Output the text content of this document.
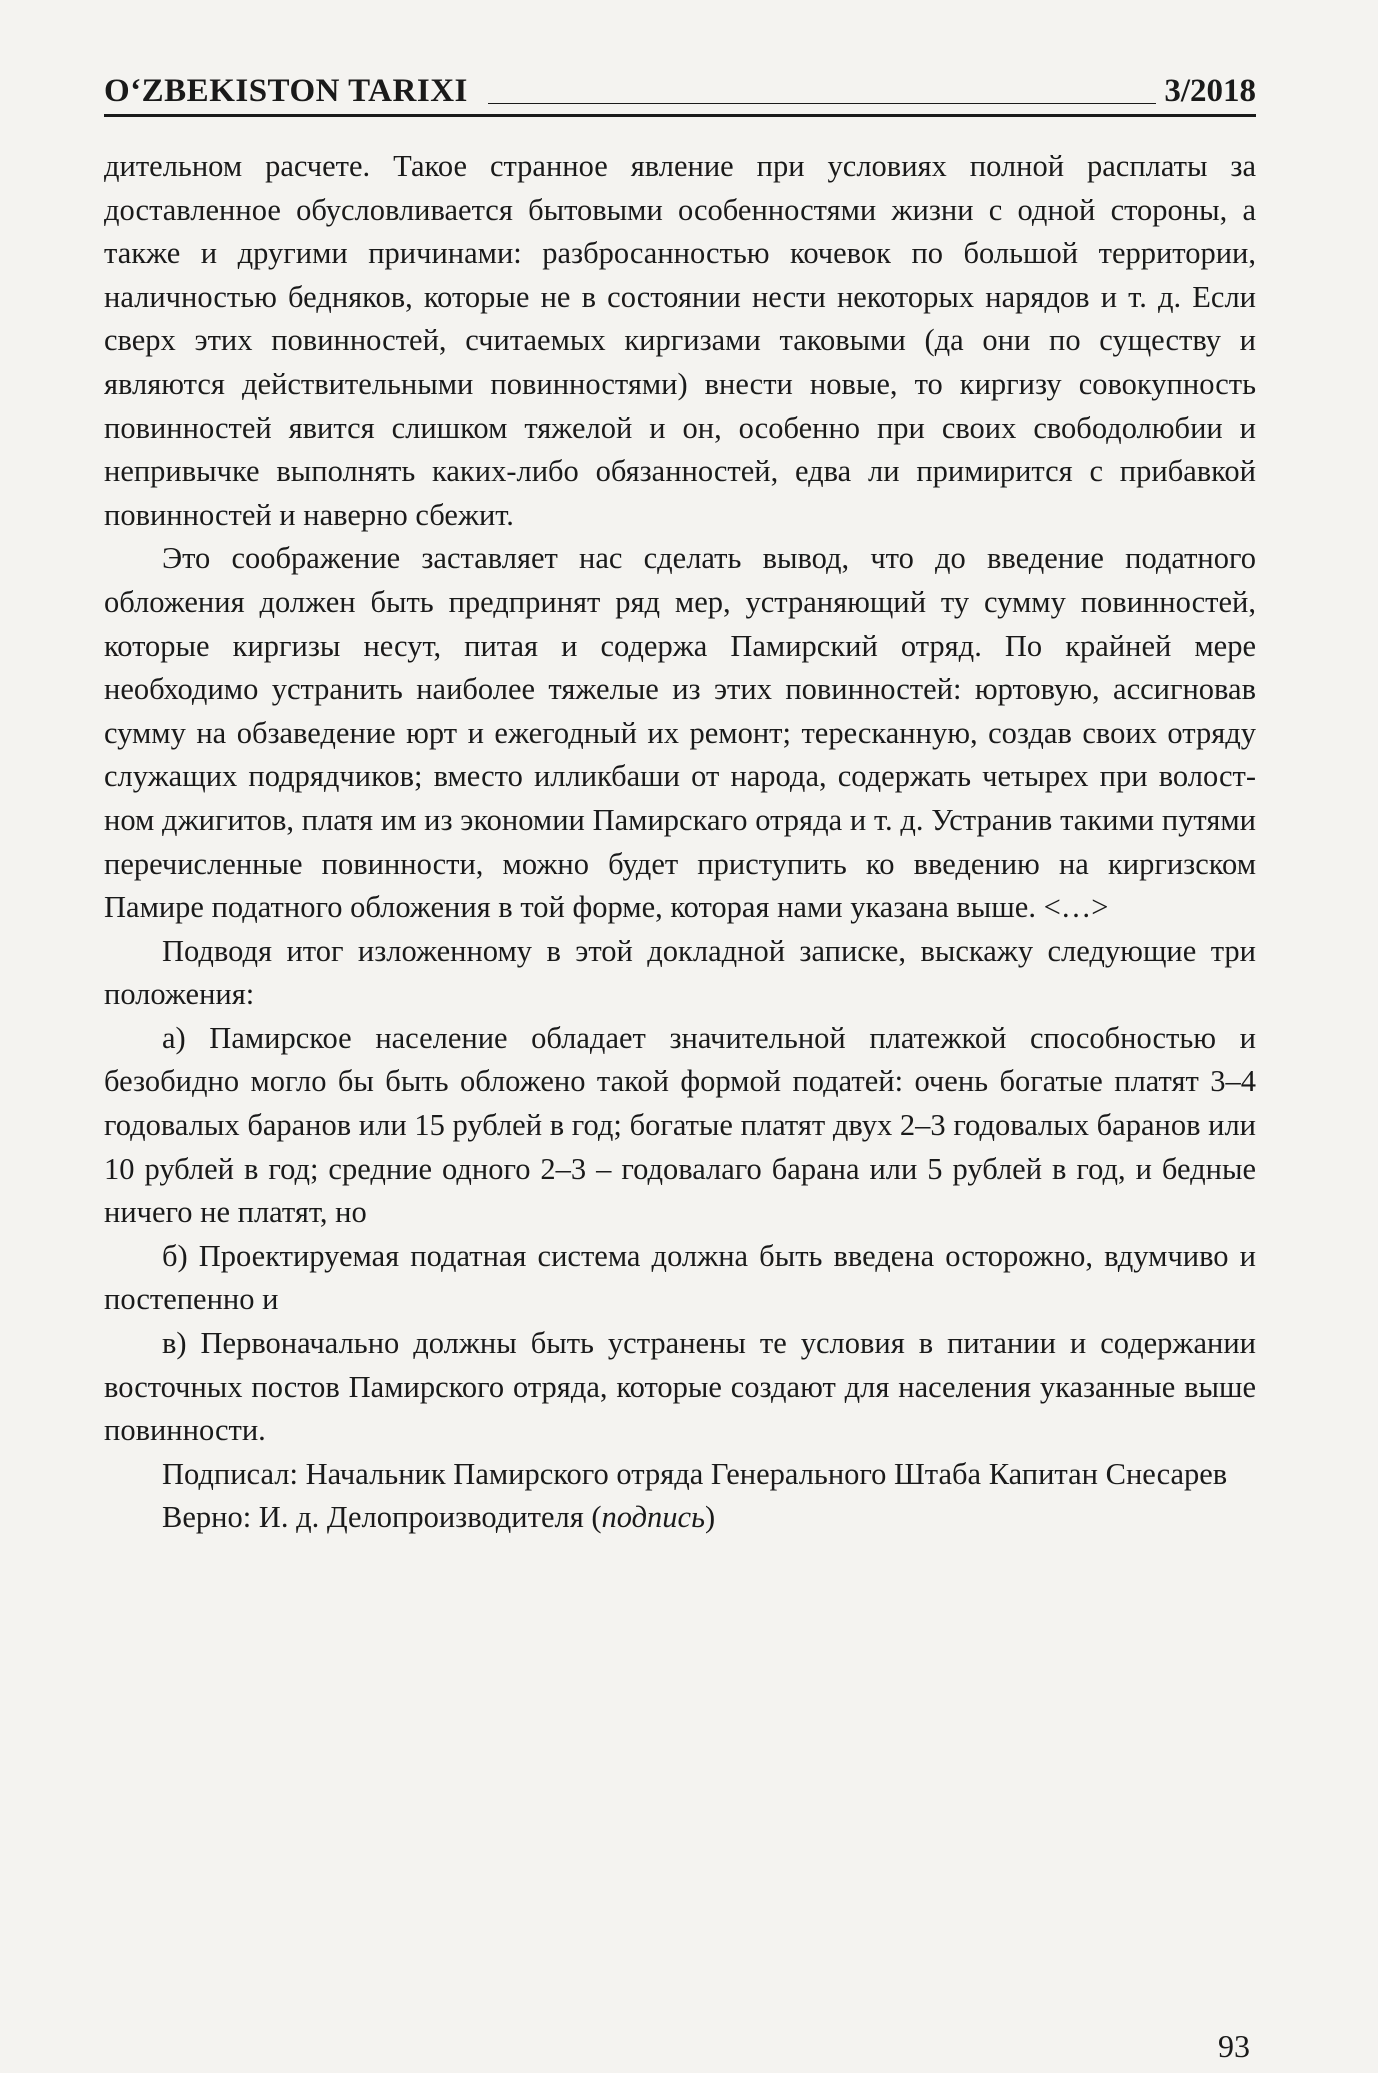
O‘ZBEKISTON TARIXI	3/2018

дительном расчете. Такое странное явление при условиях полной расплаты за доставленное обусловливается бытовыми особенностями жизни с одной стороны, а также и другими причинами: разбросанностью кочевок по большой территории, наличностью бедняков, которые не в состоянии нести некоторых нарядов и т. д. Если сверх этих повинностей, считаемых киргизами таковыми (да они по существу и являются действительными повинностями) внести новые, то киргизу совокупность повинностей явится слишком тяжелой и он, особенно при своих свободолюбии и непривычке выполнять каких-либо обязанностей, едва ли примирится с прибавкой повинностей и наверно сбежит.

Это соображение заставляет нас сделать вывод, что до введение податного обложения должен быть предпринят ряд мер, устраняющий ту сумму повинностей, которые киргизы несут, питая и содержа Памирский отряд. По крайней мере необходимо устранить наиболее тяжелые из этих повинностей: юртовую, ассигновав сумму на обзаведение юрт и ежегодный их ремонт; тересканную, создав своих отряду служащих подрядчиков; вместо илликбаши от народа, содержать четырех при волостном джигитов, платя им из экономии Памирскаго отряда и т. д. Устранив такими путями перечисленные повинности, можно будет приступить ко введению на киргизском Памире податного обложения в той форме, которая нами указана выше. <…>

Подводя итог изложенному в этой докладной записке, выскажу следующие три положения:

а) Памирское население обладает значительной платежкой способностью и безобидно могло бы быть обложено такой формой податей: очень богатые платят 3–4 годовалых баранов или 15 рублей в год; богатые платят двух 2–3 годовалых баранов или 10 рублей в год; средние одного 2–3 – годовалаго барана или 5 рублей в год, и бедные ничего не платят, но

б) Проектируемая податная система должна быть введена осторожно, вдумчиво и постепенно и

в) Первоначально должны быть устранены те условия в питании и содержании восточных постов Памирского отряда, которые создают для населения указанные выше повинности.

Подписал: Начальник Памирского отряда Генерального Штаба Капитан Снесарев

Верно: И. д. Делопроизводителя (подпись)

93
